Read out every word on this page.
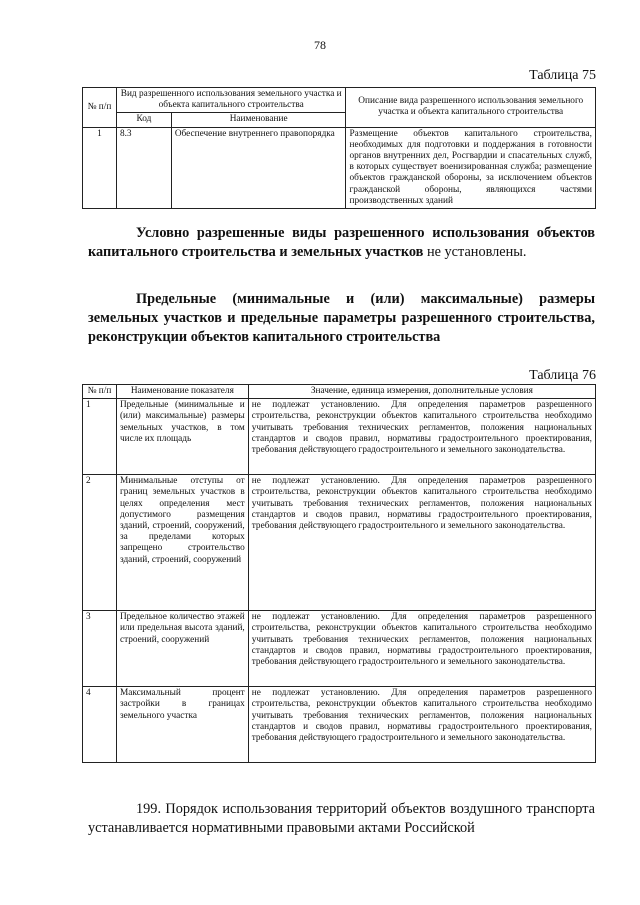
78
Таблица 75
№ п/п	Вид разрешенного использования земельного участка и объекта капитального строительства		Описание вида разрешенного использования земельного участка и объекта капитального строительства
	Код	Наименование	
1	8.3	Обеспечение внутреннего правопорядка	Размещение объектов капитального строительства, необходимых для подготовки и поддержания в готовности органов внутренних дел, Росгвардии и спасательных служб, в которых существует военизированная служба; размещение объектов гражданской обороны, за исключением объектов гражданской обороны, являющихся частями производственных зданий

Условно разрешенные виды разрешенного использования объектов капитального строительства и земельных участков не установлены.

Предельные (минимальные и (или) максимальные) размеры земельных участков и предельные параметры разрешенного строительства, реконструкции объектов капитального строительства

Таблица 76
№ п/п	Наименование показателя	Значение, единица измерения, дополнительные условия
1	Предельные (минимальные и (или) максимальные) размеры земельных участков, в том числе их площадь	не подлежат установлению. Для определения параметров разрешенного строительства, реконструкции объектов капитального строительства необходимо учитывать требования технических регламентов, положения национальных стандартов и сводов правил, нормативы градостроительного проектирования, требования действующего градостроительного и земельного законодательства.
2	Минимальные отступы от границ земельных участков в целях определения мест допустимого размещения зданий, строений, сооружений, за пределами которых запрещено строительство зданий, строений, сооружений	не подлежат установлению. Для определения параметров разрешенного строительства, реконструкции объектов капитального строительства необходимо учитывать требования технических регламентов, положения национальных стандартов и сводов правил, нормативы градостроительного проектирования, требования действующего градостроительного и земельного законодательства.
3	Предельное количество этажей или предельная высота зданий, строений, сооружений	не подлежат установлению. Для определения параметров разрешенного строительства, реконструкции объектов капитального строительства необходимо учитывать требования технических регламентов, положения национальных стандартов и сводов правил, нормативы градостроительного проектирования, требования действующего градостроительного и земельного законодательства.
4	Максимальный процент застройки в границах земельного участка	не подлежат установлению. Для определения параметров разрешенного строительства, реконструкции объектов капитального строительства необходимо учитывать требования технических регламентов, положения национальных стандартов и сводов правил, нормативы градостроительного проектирования, требования действующего градостроительного и земельного законодательства.

199. Порядок использования территорий объектов воздушного транспорта устанавливается нормативными правовыми актами Российской
